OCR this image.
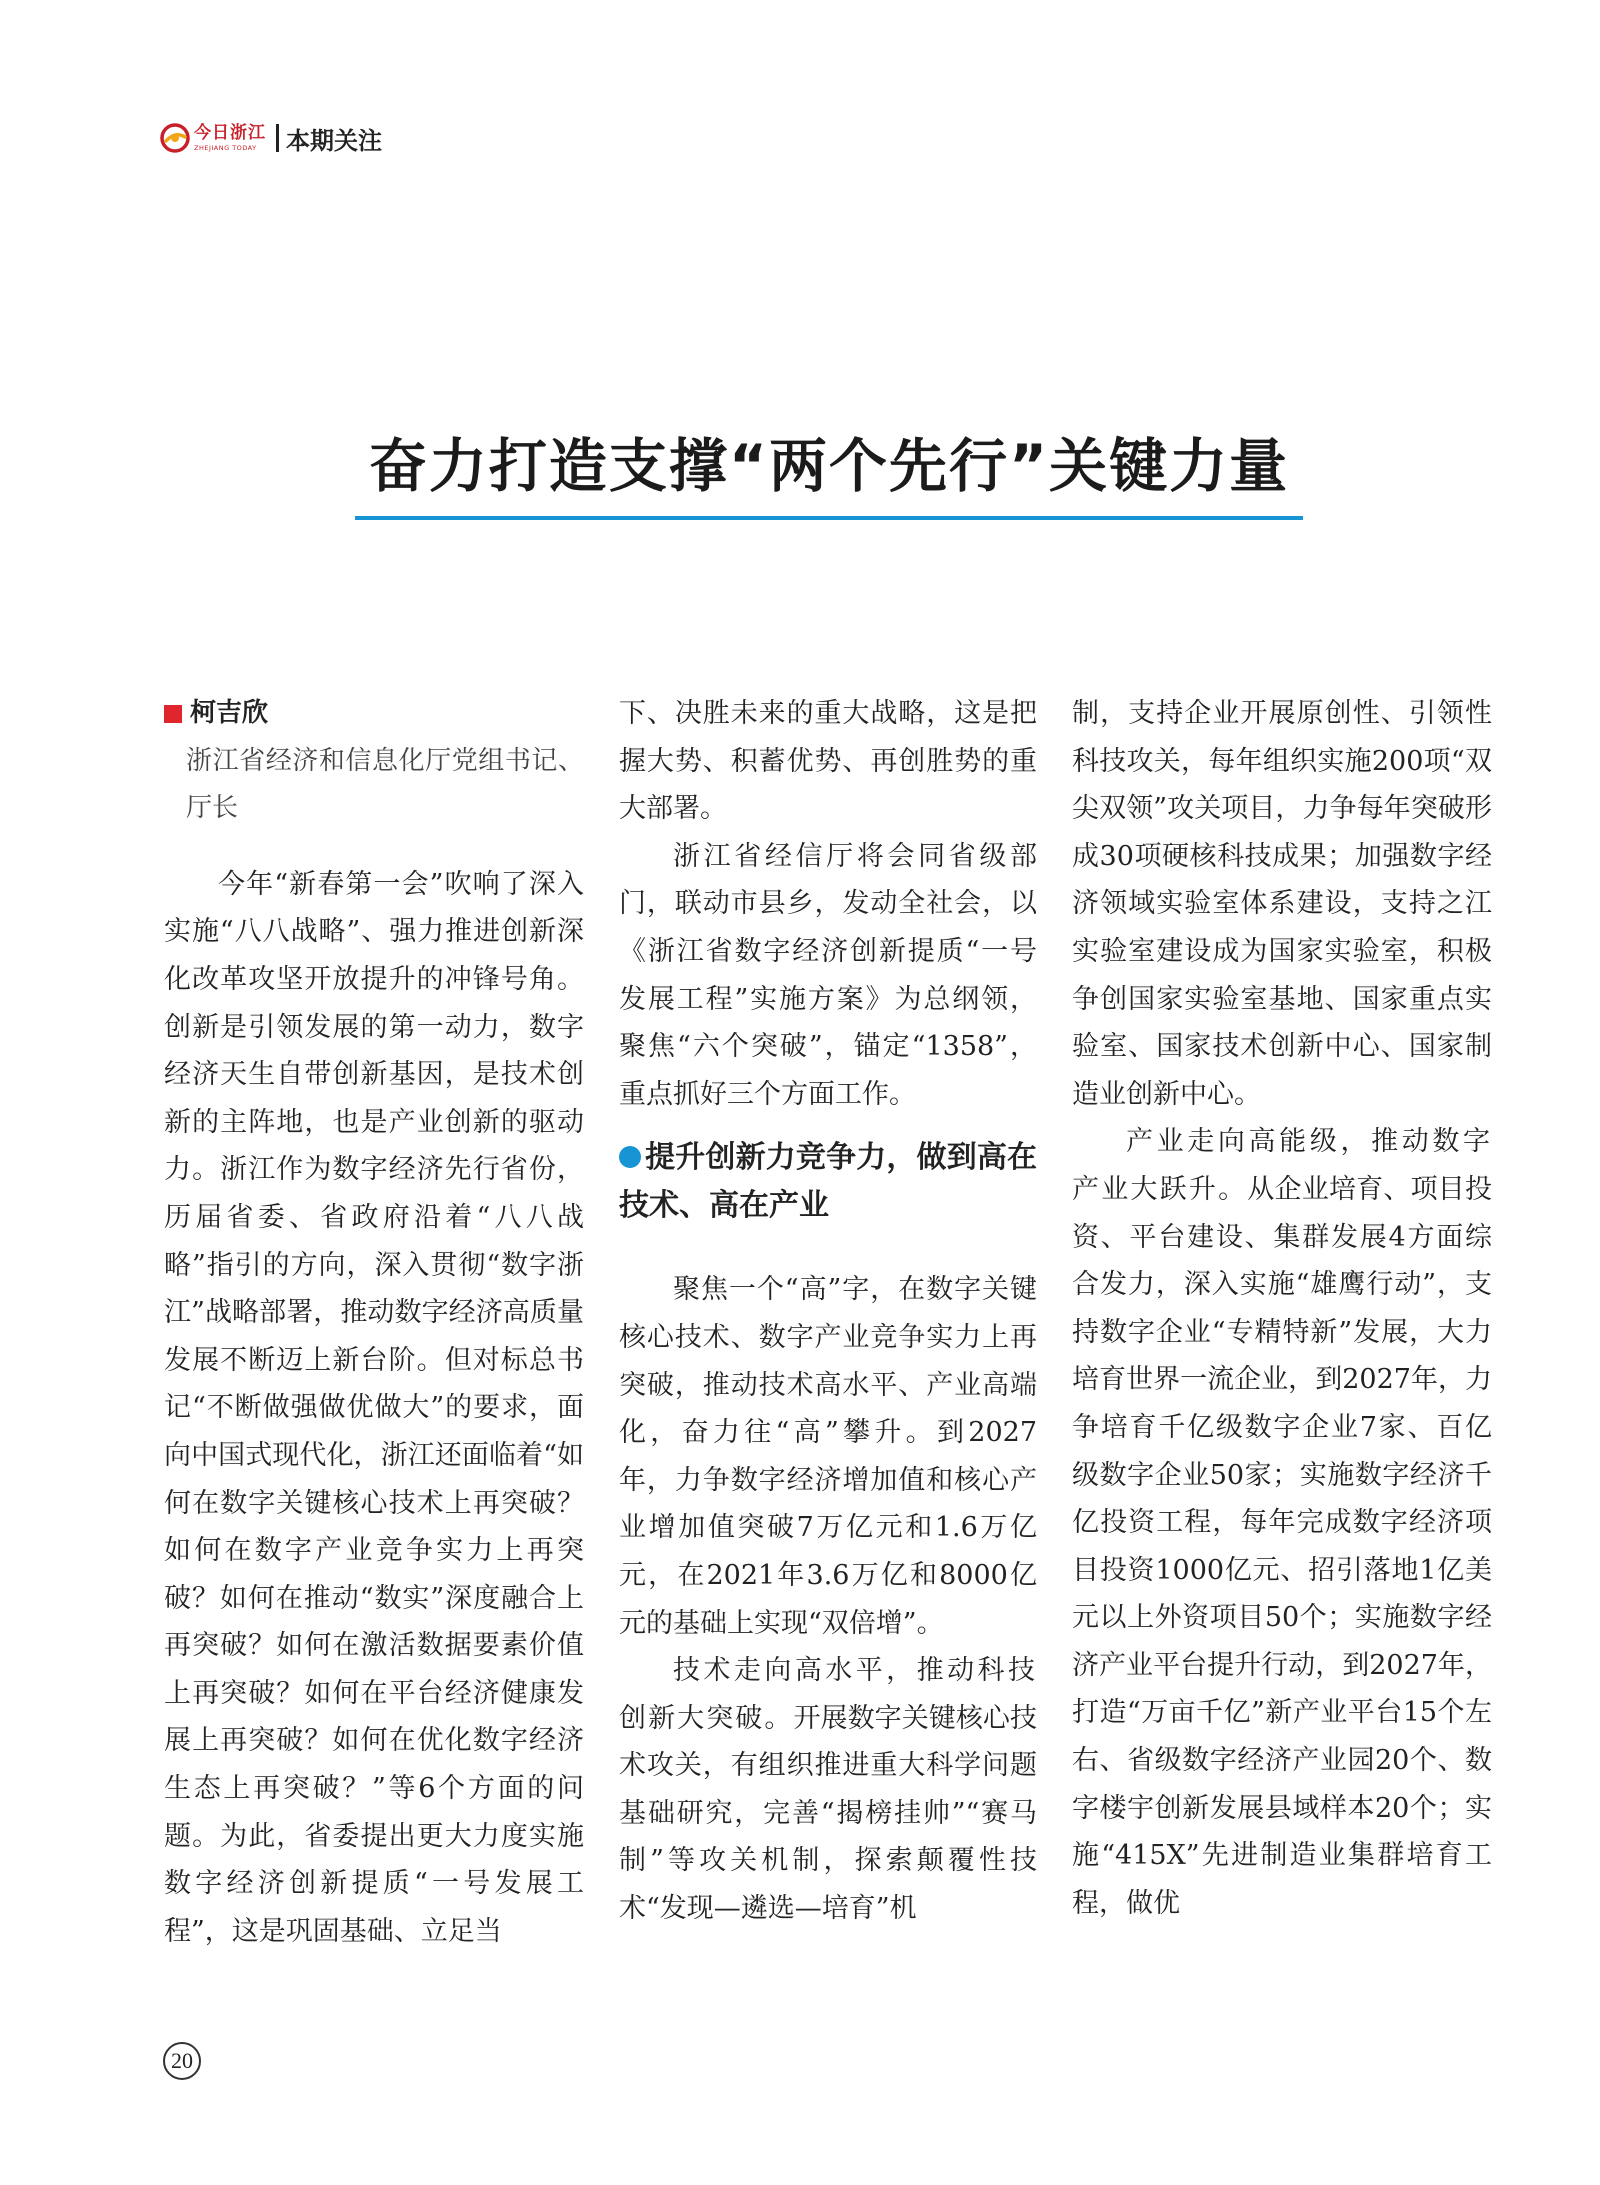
今日浙江
ZHEJIANG TODAY	本期关注
奋力打造支撑“两个先行”关键力量
柯吉欣
浙江省经济和信息化厅党组书记、厅长

今年“新春第一会”吹响了深入实施“八八战略”、强力推进创新深化改革攻坚开放提升的冲锋号角。创新是引领发展的第一动力，数字经济天生自带创新基因，是技术创新的主阵地，也是产业创新的驱动力。浙江作为数字经济先行省份，历届省委、省政府沿着“八八战略”指引的方向，深入贯彻“数字浙江”战略部署，推动数字经济高质量发展不断迈上新台阶。但对标总书记“不断做强做优做大”的要求，面向中国式现代化，浙江还面临着“如何在数字关键核心技术上再突破？如何在数字产业竞争实力上再突破？如何在推动“数实”深度融合上再突破？如何在激活数据要素价值上再突破？如何在平台经济健康发展上再突破？如何在优化数字经济生态上再突破？”等6个方面的问题。为此，省委提出更大力度实施数字经济创新提质“一号发展工程”，这是巩固基础、立足当

下、决胜未来的重大战略，这是把握大势、积蓄优势、再创胜势的重大部署。

浙江省经信厅将会同省级部门，联动市县乡，发动全社会，以《浙江省数字经济创新提质“一号发展工程”实施方案》为总纲领，聚焦“六个突破”，锚定“1358”，重点抓好三个方面工作。

提升创新力竞争力，做到高在技术、高在产业

聚焦一个“高”字，在数字关键核心技术、数字产业竞争实力上再突破，推动技术高水平、产业高端化，奋力往“高”攀升。到2027年，力争数字经济增加值和核心产业增加值突破7万亿元和1.6万亿元，在2021年3.6万亿和8000亿元的基础上实现“双倍增”。

技术走向高水平，推动科技创新大突破。开展数字关键核心技术攻关，有组织推进重大科学问题基础研究，完善“揭榜挂帅”“赛马制”等攻关机制，探索颠覆性技术“发现—遴选—培育”机

制，支持企业开展原创性、引领性科技攻关，每年组织实施200项“双尖双领”攻关项目，力争每年突破形成30项硬核科技成果；加强数字经济领域实验室体系建设，支持之江实验室建设成为国家实验室，积极争创国家实验室基地、国家重点实验室、国家技术创新中心、国家制造业创新中心。

产业走向高能级，推动数字产业大跃升。从企业培育、项目投资、平台建设、集群发展4方面综合发力，深入实施“雄鹰行动”，支持数字企业“专精特新”发展，大力培育世界一流企业，到2027年，力争培育千亿级数字企业7家、百亿级数字企业50家；实施数字经济千亿投资工程，每年完成数字经济项目投资1000亿元、招引落地1亿美元以上外资项目50个；实施数字经济产业平台提升行动，到2027年，打造“万亩千亿”新产业平台15个左右、省级数字经济产业园20个、数字楼宇创新发展县域样本20个；实施“415X”先进制造业集群培育工程，做优

20
